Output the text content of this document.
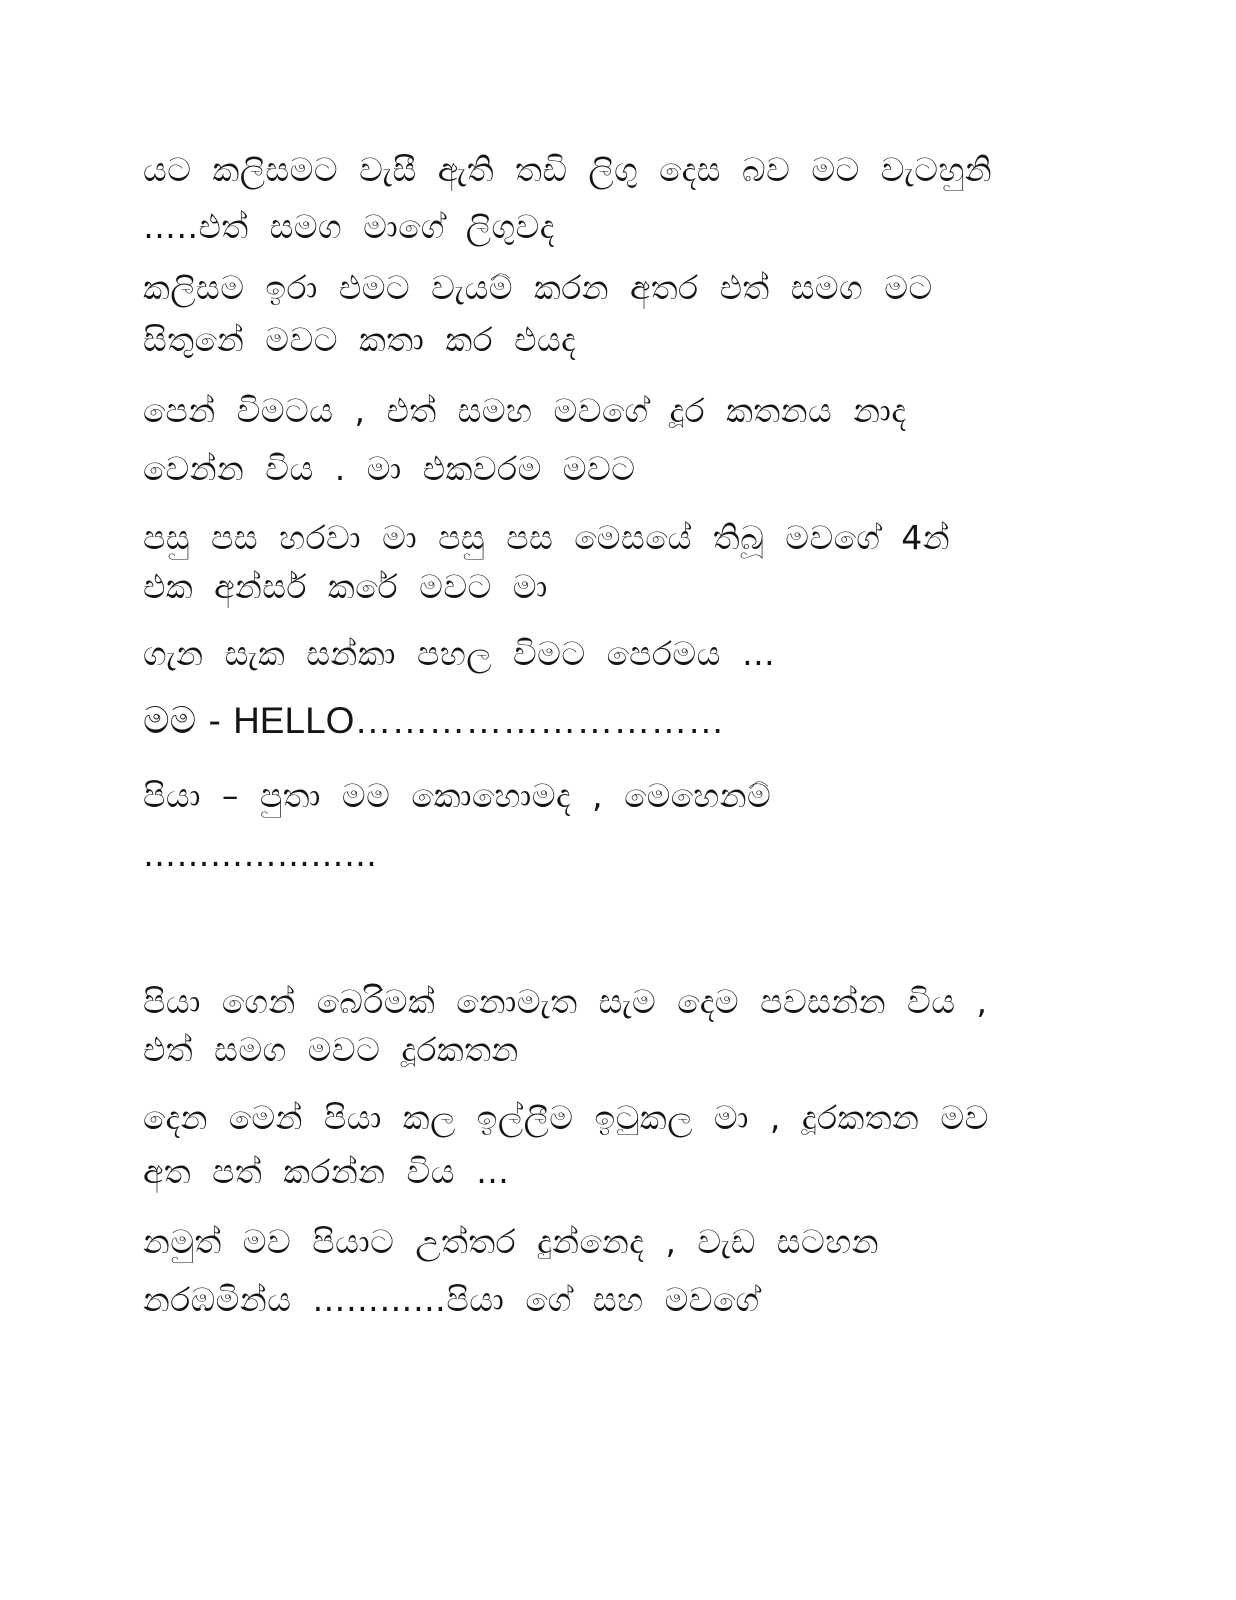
යට කලිසමට වැසී ඇති තඩි ලිගු දෙස බව මට වැටහුනි
…..එත් සමග මාගේ ලිගුවද
කලිසම ඉරා එමට වැයම් කරන අතර එත් සමග මට
සිතුනේ මවට කතා කර එයද
පෙන් විමටය , එත් සමහ මවගේ දූර කතනය නාද
වෙන්න විය . මා එකවරම මවට
පසු පස හරවා මා පසු පස මෙසයේ තිබූ මවගේ 4න්
එක අන්සර් කරේ මවට මා
ගැන සැක සන්කා පහල විමට පෙරමය …
මම - HELLO…………………………
පියා – පුතා මම කොහොමද , මෙහෙනම්
…………………
පියා ගෙන් බෙරිමක් නොමැත සැම දෙම පවසන්න විය ,
එත් සමග මවට දූරකතන
දෙන මෙන් පියා කල ඉල්ලීම ඉටුකල මා , දූරකතන මව
අත පත් කරන්න විය …
නමුත් මව පියාට උත්තර දුන්නෙද , වැඩ සටහන
නරඹමින්ය …………පියා ගේ සහ මවගේ
